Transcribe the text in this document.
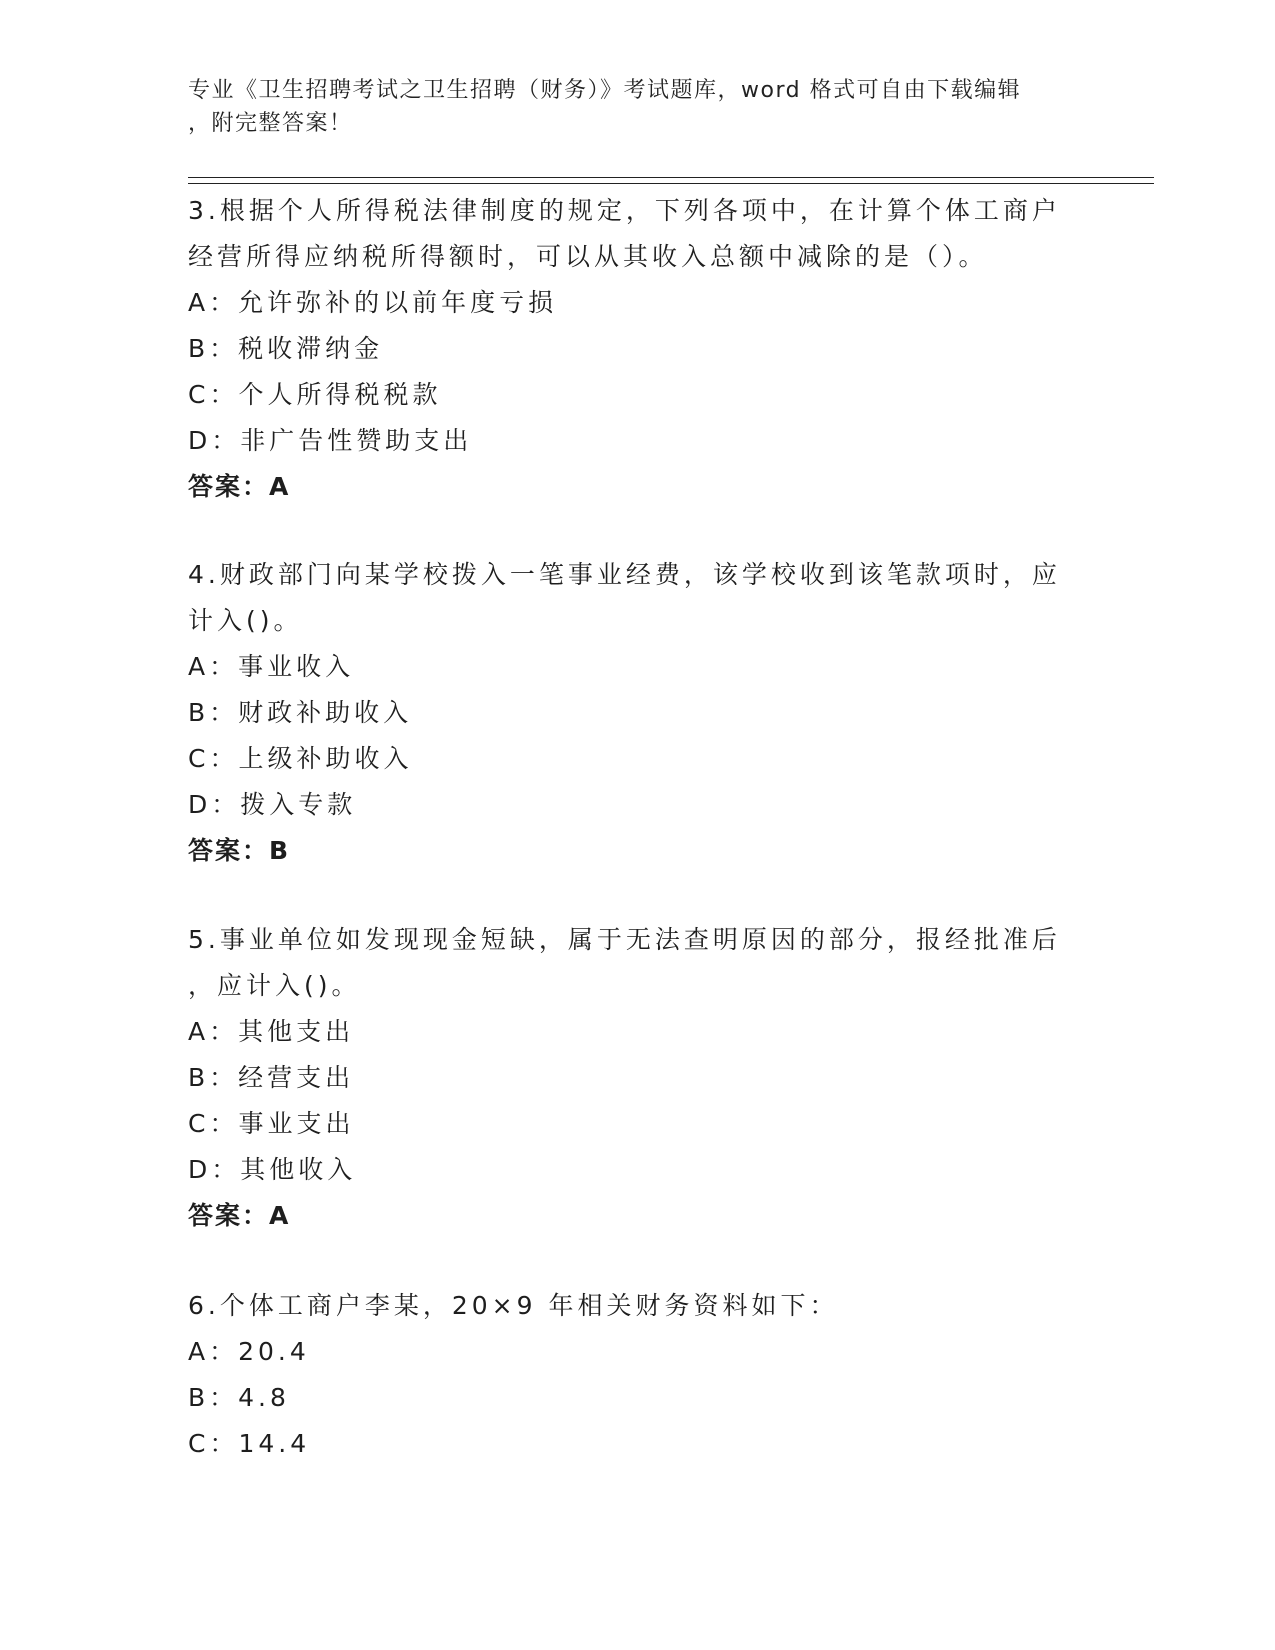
专业《卫生招聘考试之卫生招聘（财务）》考试题库，word 格式可自由下载编辑
，附完整答案！
3.根据个人所得税法律制度的规定，下列各项中，在计算个体工商户
经营所得应纳税所得额时，可以从其收入总额中减除的是（）。
A：允许弥补的以前年度亏损
B：税收滞纳金
C：个人所得税税款
D：非广告性赞助支出
答案：A
4.财政部门向某学校拨入一笔事业经费，该学校收到该笔款项时，应
计入()。
A：事业收入
B：财政补助收入
C：上级补助收入
D：拨入专款
答案：B
5.事业单位如发现现金短缺，属于无法查明原因的部分，报经批准后
，应计入()。
A：其他支出
B：经营支出
C：事业支出
D：其他收入
答案：A
6.个体工商户李某，20×9 年相关财务资料如下：
A：20.4
B：4.8
C：14.4
